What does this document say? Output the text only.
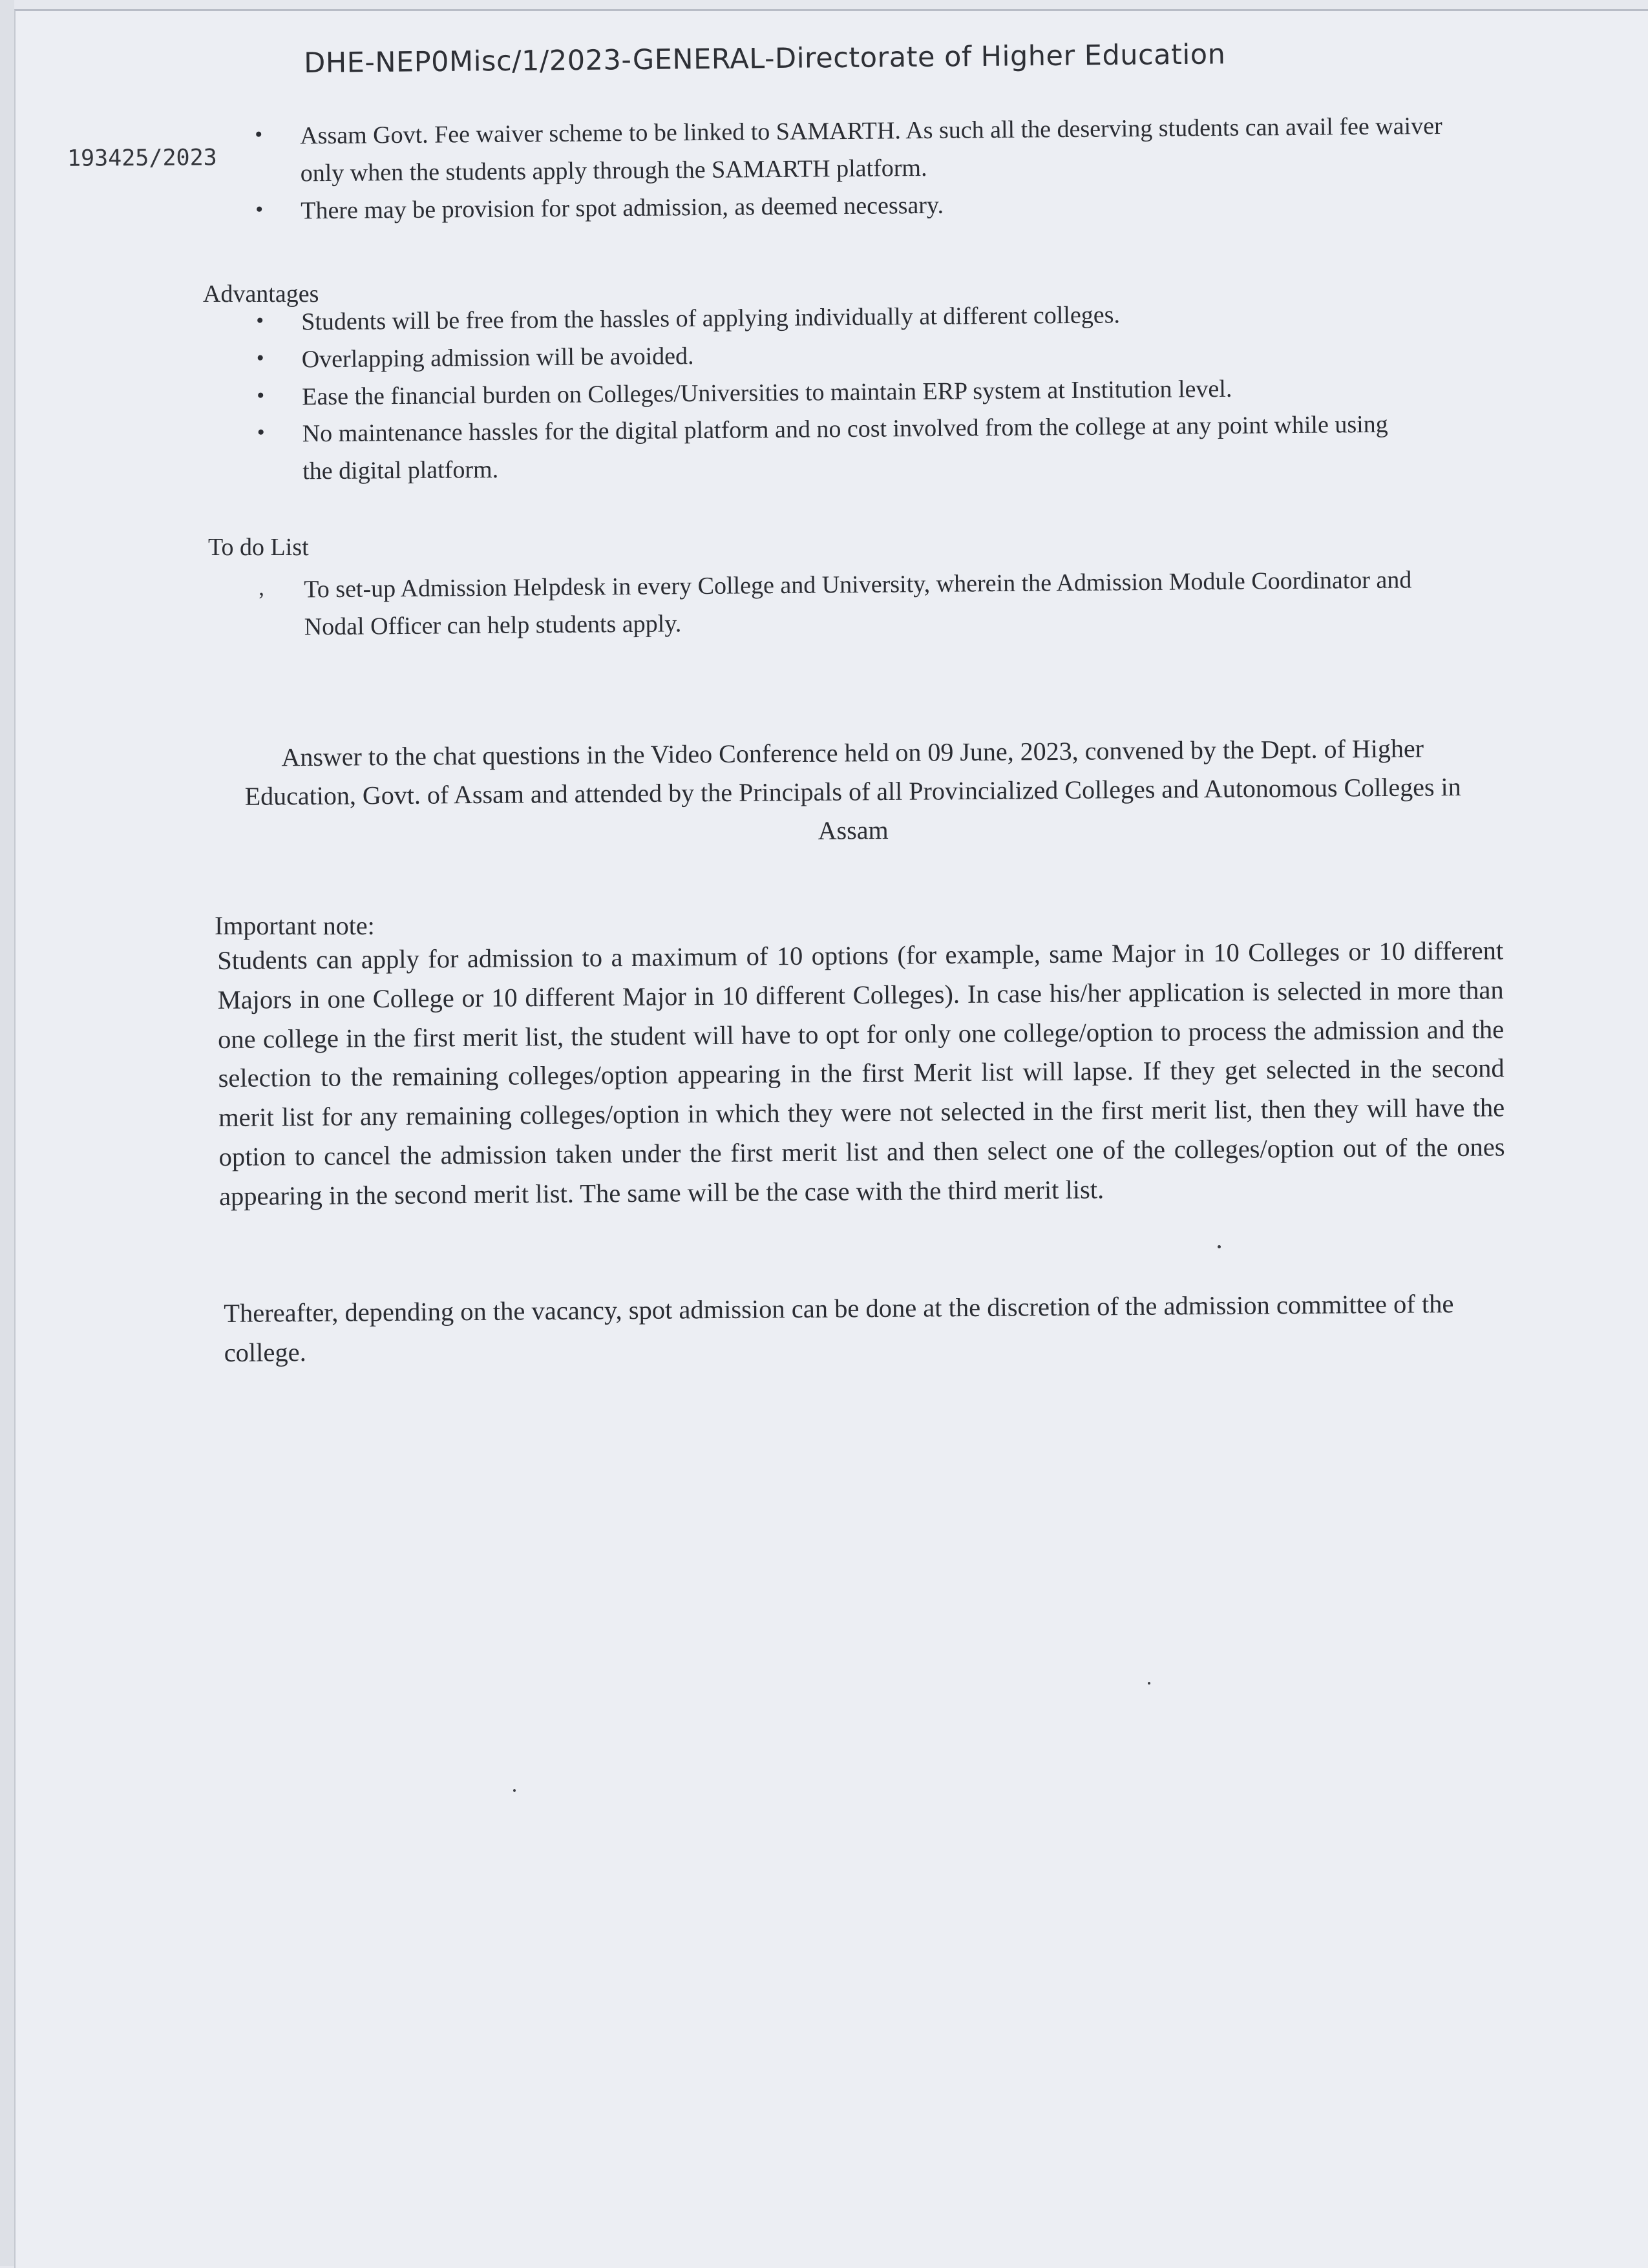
DHE-NEP0Misc/1/2023-GENERAL-Directorate of Higher Education
193425/2023
•	Assam Govt. Fee waiver scheme to be linked to SAMARTH. As such all the deserving students can avail fee waiver only when the students apply through the SAMARTH platform.
•	There may be provision for spot admission, as deemed necessary.
Advantages
•	Students will be free from the hassles of applying individually at different colleges.
•	Overlapping admission will be avoided.
•	Ease the financial burden on Colleges/Universities to maintain ERP system at Institution level.
•	No maintenance hassles for the digital platform and no cost involved from the college at any point while using the digital platform.
To do List
,	To set-up Admission Helpdesk in every College and University, wherein the Admission Module Coordinator and Nodal Officer can help students apply.
Answer to the chat questions in the Video Conference held on 09 June, 2023, convened by the Dept. of Higher Education, Govt. of Assam and attended by the Principals of all Provincialized Colleges and Autonomous Colleges in Assam
Important note:
Students can apply for admission to a maximum of 10 options (for example, same Major in 10 Colleges or 10 different Majors in one College or 10 different Major in 10 different Colleges). In case his/her application is selected in more than one college in the first merit list, the student will have to opt for only one college/option to process the admission and the selection to the remaining colleges/option appearing in the first Merit list will lapse. If they get selected in the second merit list for any remaining colleges/option in which they were not selected in the first merit list, then they will have the option to cancel the admission taken under the first merit list and then select one of the colleges/option out of the ones appearing in the second merit list. The same will be the case with the third merit list.
Thereafter, depending on the vacancy, spot admission can be done at the discretion of the admission committee of the college.
